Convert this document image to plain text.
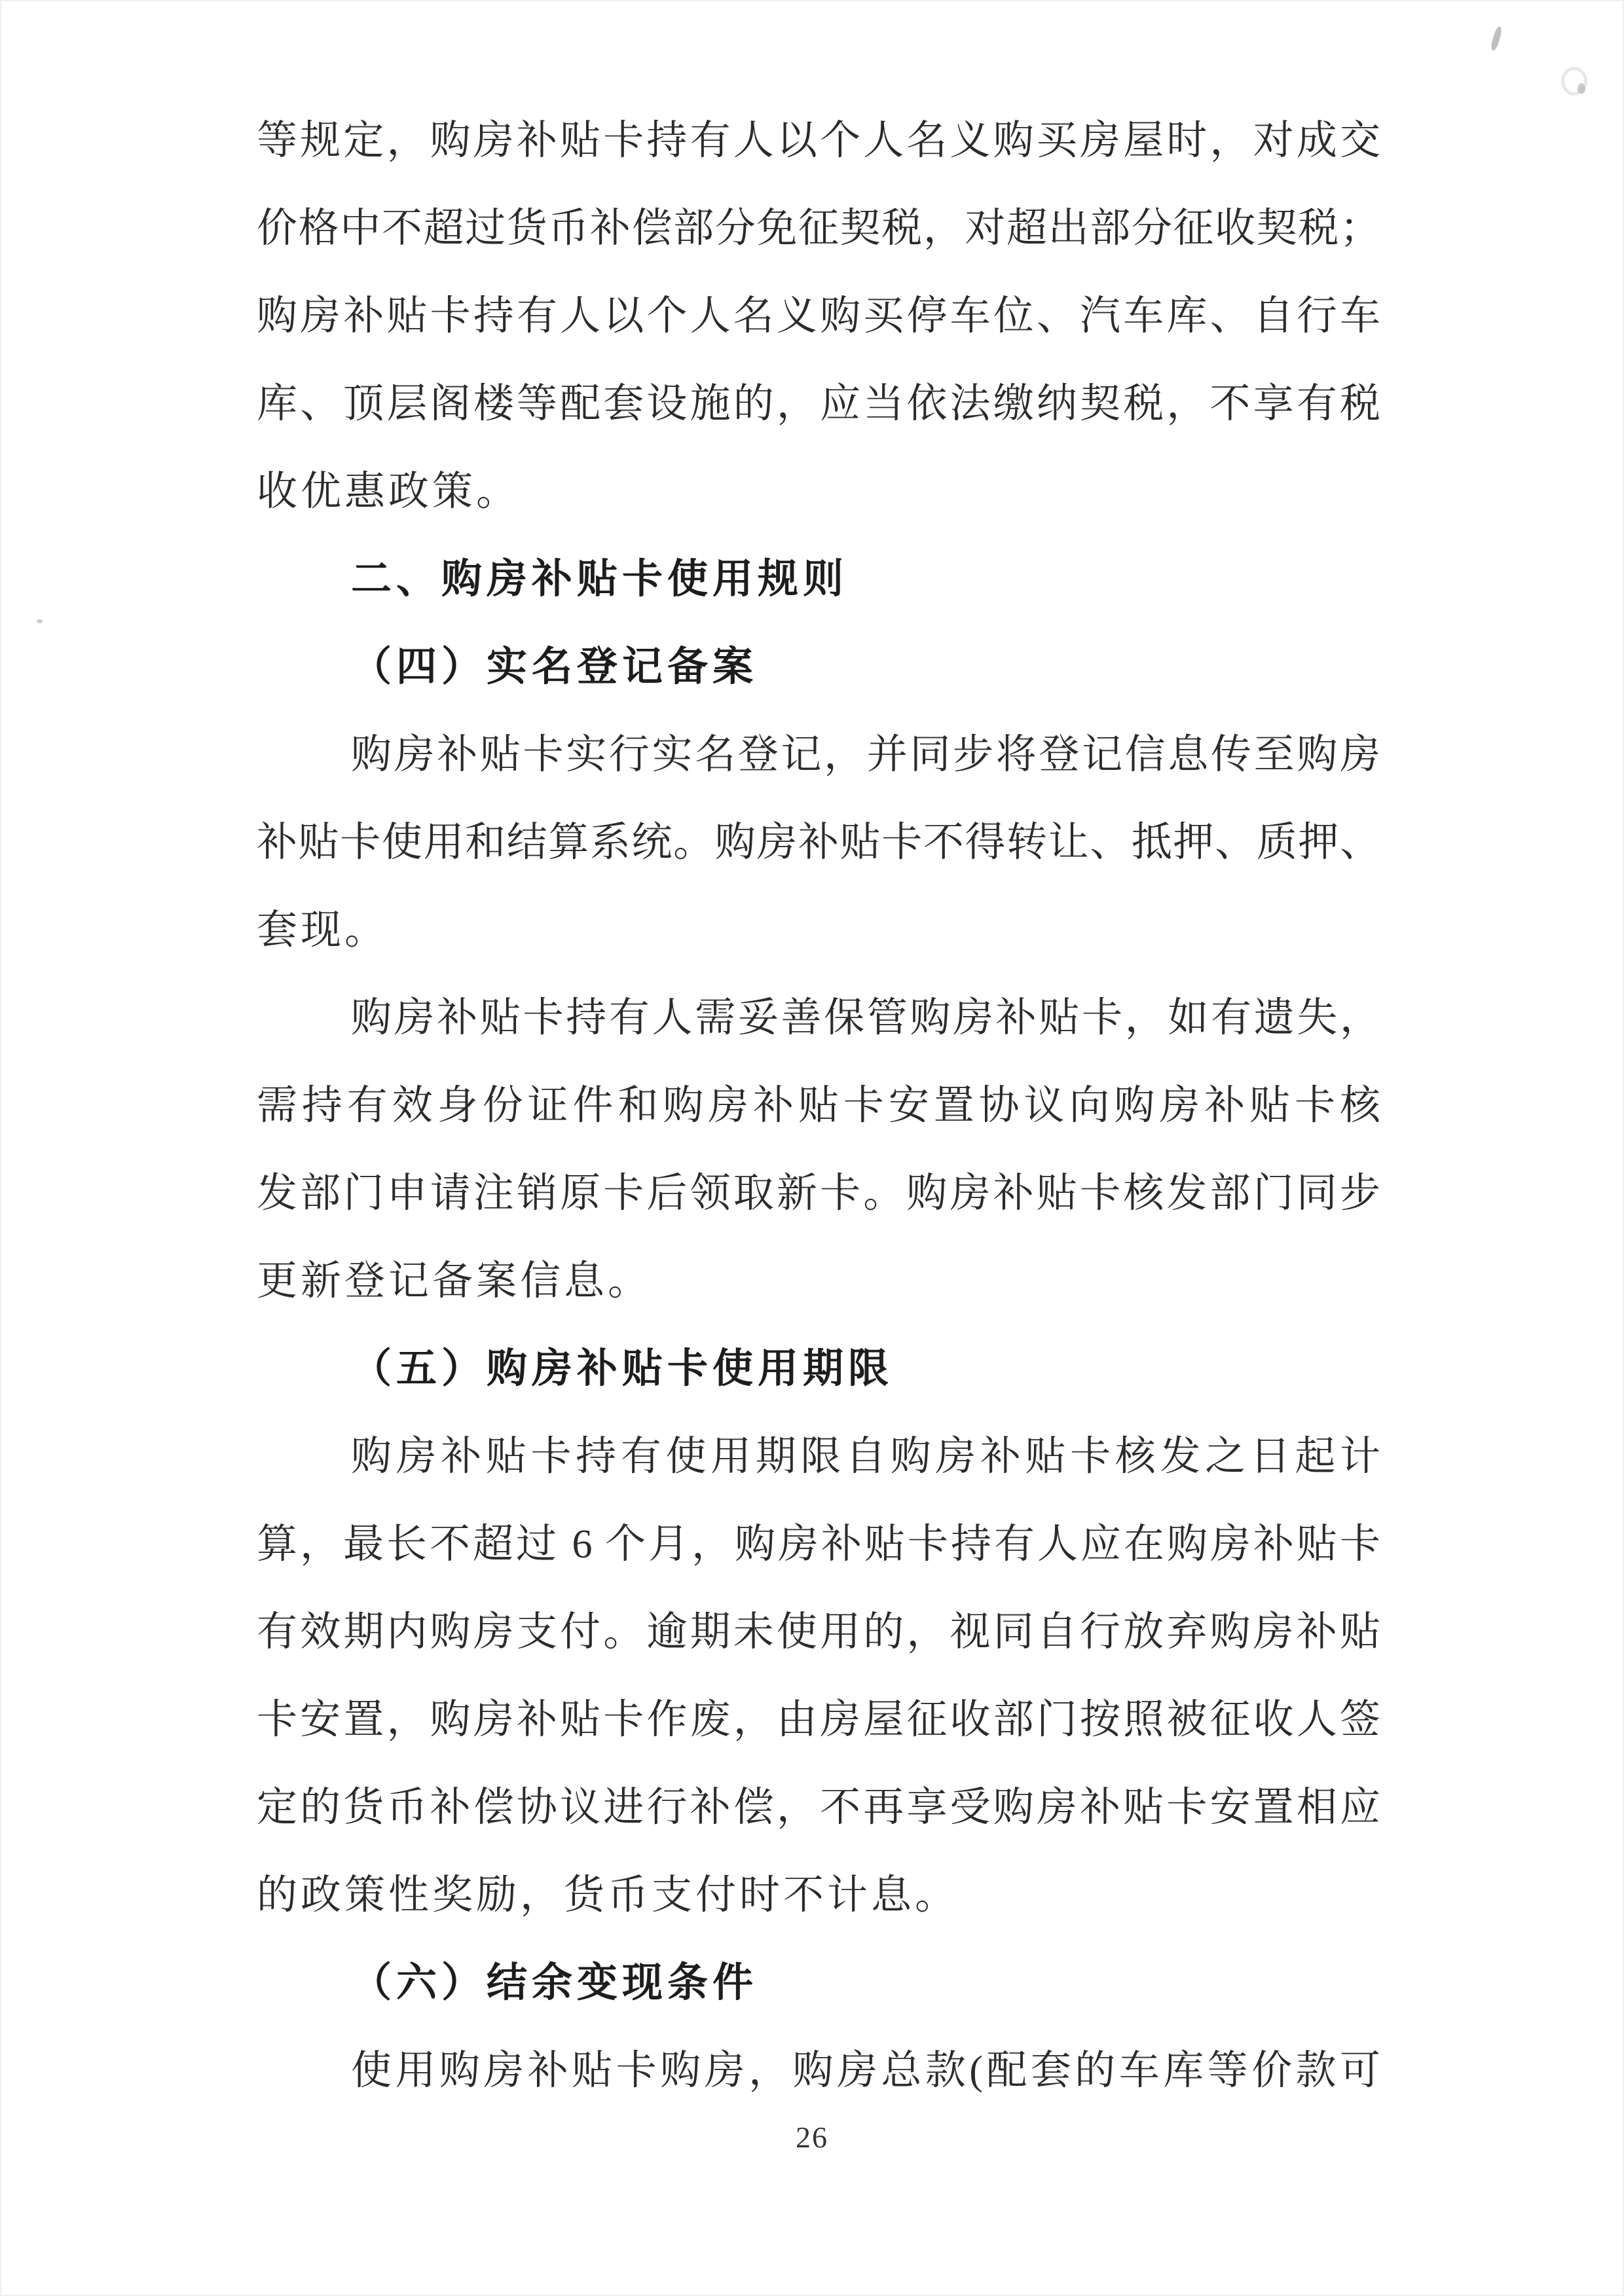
等规定，购房补贴卡持有人以个人名义购买房屋时，对成交
价格中不超过货币补偿部分免征契税，对超出部分征收契税；
购房补贴卡持有人以个人名义购买停车位、汽车库、自行车
库、顶层阁楼等配套设施的，应当依法缴纳契税，不享有税
收优惠政策。
二、购房补贴卡使用规则
（四）实名登记备案
购房补贴卡实行实名登记，并同步将登记信息传至购房
补贴卡使用和结算系统。购房补贴卡不得转让、抵押、质押、
套现。
购房补贴卡持有人需妥善保管购房补贴卡，如有遗失，
需持有效身份证件和购房补贴卡安置协议向购房补贴卡核
发部门申请注销原卡后领取新卡。购房补贴卡核发部门同步
更新登记备案信息。
（五）购房补贴卡使用期限
购房补贴卡持有使用期限自购房补贴卡核发之日起计
算，最长不超过 6 个月，购房补贴卡持有人应在购房补贴卡
有效期内购房支付。逾期未使用的，视同自行放弃购房补贴
卡安置，购房补贴卡作废，由房屋征收部门按照被征收人签
定的货币补偿协议进行补偿，不再享受购房补贴卡安置相应
的政策性奖励，货币支付时不计息。
（六）结余变现条件
使用购房补贴卡购房，购房总款(配套的车库等价款可
26
